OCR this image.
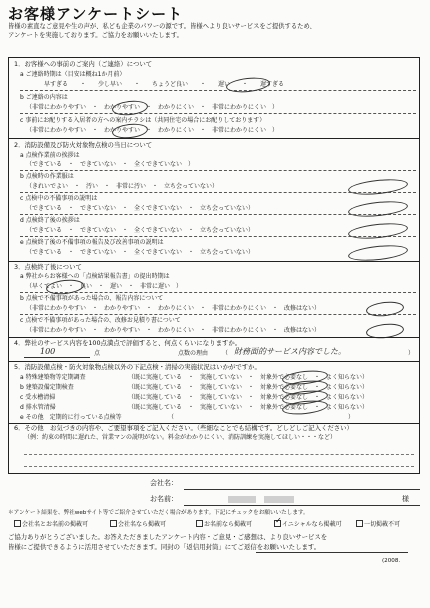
お客様アンケートシート
皆様の素直なご意見や生の声が、私ども企業のパワーの源です。皆様へより良いサービスをご提供するため、
アンケートを実施しております。ご協力をお願いいたします。
1．お客様への事前のご案内（ご連絡）について
a ご連絡時期は（目安は概ね1か月前）
早すぎる　　・　　少し早い　　・　　ちょうど良い　　・　　遅い　　・　　遅すぎる
b ご連絡の内容は
（非常にわかりやすい　・　わかりやすい　・　わかりにくい　・　非常にわかりにくい　）
c 事前にお配りする入居者の方への案内チラシは（共同住宅の場合にお配りしております）
（非常にわかりやすい　・　わかりやすい　・　わかりにくい　・　非常にわかりにくい　）
2．消防設備及び防火対象物点検の当日について
a 点検作業前の挨拶は
（できている　・　できていない　・　全くできていない　）
b 点検時の作業服は
（きれいでよい　・　汚い　・　非常に汚い　・　立ち会っていない）
c 点検中の不備事項の説明は
（できている　・　できていない　・　全くできていない　・　立ち会っていない）
d 点検終了後の挨拶は
（できている　・　できていない　・　全くできていない　・　立ち会っていない）
e 点検終了後の不備事項の報告及び改善事項の説明は
（できている　・　できていない　・　全くできていない　・　立ち会っていない）
3．点検終了後について
a 弊社からお客様への「点検結果報告書」の提出時期は
（早くてよい　・　良い　・　遅い　・　非常に遅い　）
b 点検で不備事項があった場合の、報告内容について
（非常にわかりやすい　・　わかりやすい　・　わかりにくい　・　非常にわかりにくい　・　改修はない）
c 点検で不備事項があった場合の、改修お見積り書について
（非常にわかりやすい　・　わかりやすい　・　わかりにくい　・　非常にわかりにくい　・　改修はない）
4．弊社のサービス内容を100点満点で評価すると、何点くらいになりますか。
100	点	点数の理由 （ 財務面的サービス内容でした。	）
5．消防設備点検・防火対象物点検以外の下記点検・清掃の実施状況はいかがですか。
a 特殊建築物等定期調査	（既に実施している　・　実施していない　・　対象外で必要なし　・　よく知らない）
b 建築設備定期検査	（既に実施している　・　実施していない　・　対象外で必要なし　・　よく知らない）
c 受水槽清掃	（既に実施している　・　実施していない　・　対象外で必要なし　・　よく知らない）
d 排水管清掃	（既に実施している　・　実施していない　・　対象外で必要なし　・　よく知らない）
e その他　定期的に行っている点検等	（　　　　　　　　　　　　　　　　　　　　　　　　　　　　　）
6．その他　お気づきの内容や、ご要望事項をご記入ください。（些細なことでも結構です。どしどしご記入ください）
（例：約束の時間に遅れた、営業マンの説明がない。料金がわかりにくい、消防訓練を実施してほしい・・・など）
会社名：
お名前：	様
＊アンケート結果を、弊社webサイト等でご紹介させていただく場合があります。下記にチェックをお願いいたします。
会社名とお名前の掲載可	会社名なら掲載可	お名前なら掲載可	✓ イニシャルなら掲載可	一切掲載不可
ご協力ありがとうございました。お答えただきましたアンケート内容・ご意見・ご感想は、より良いサービスを
皆様にご提供できるように活用させていただきます。同封の「返信用封筒」にてご返信をお願いいたします。
(2008.
